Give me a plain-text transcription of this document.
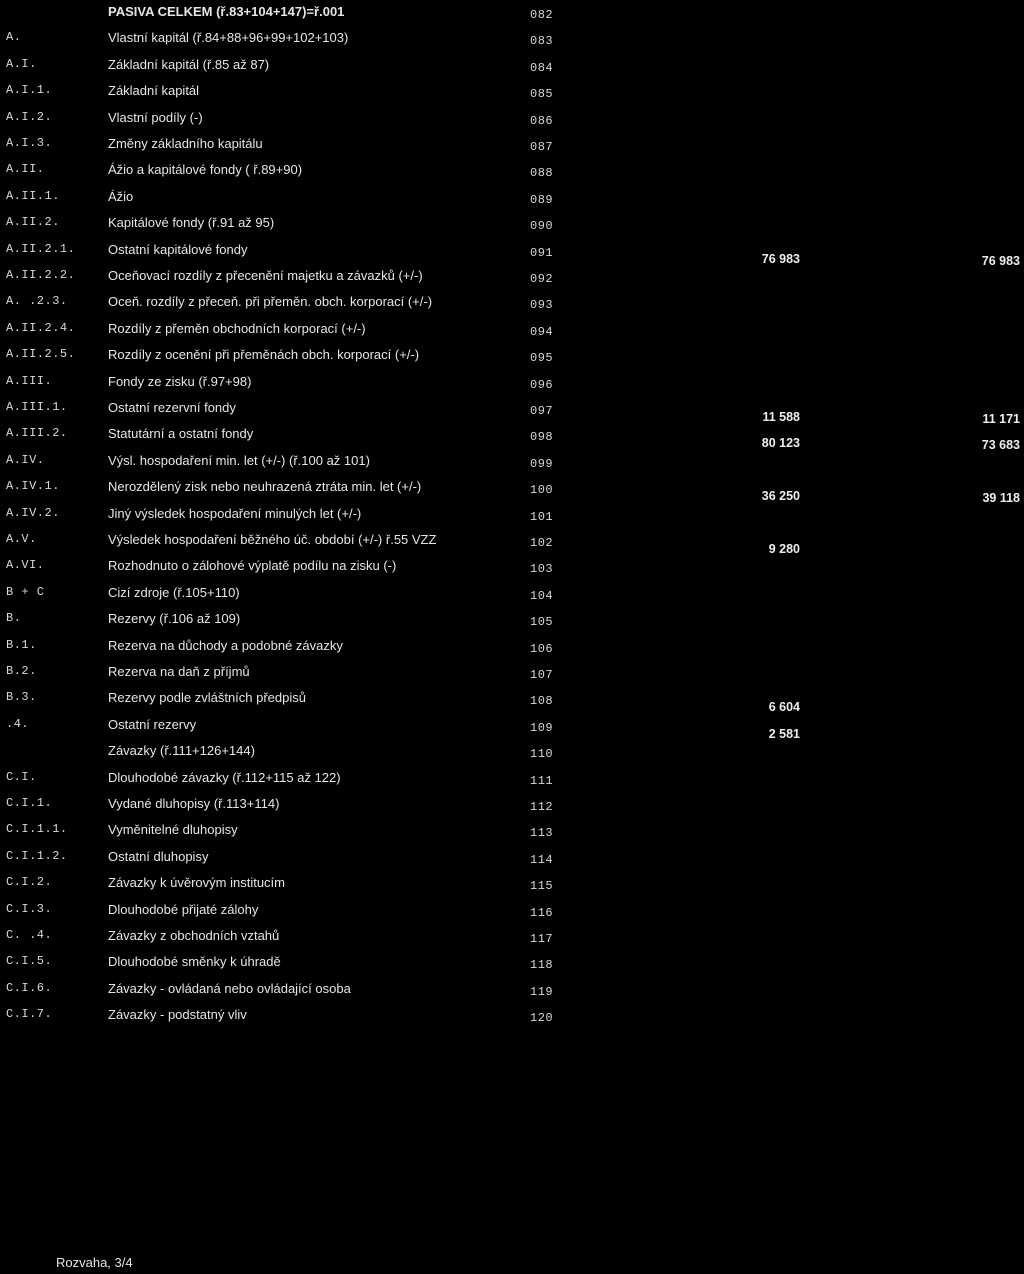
PASIVA CELKEM (ř.83+104+147)=ř.001	082
A.	Vlastní kapitál (ř.84+88+96+99+102+103)	083
A.I.	Základní kapitál (ř.85 až 87)	084
A.I.1.	Základní kapitál	085
A.I.2.	Vlastní podíly (-)	086
A.I.3.	Změny základního kapitálu	087
A.II.	Ážio a kapitálové fondy ( ř.89+90)	088
A.II.1.	Ážio	089
A.II.2.	Kapitálové fondy (ř.91 až 95)	090
A.II.2.1.	Ostatní kapitálové fondy	091	76 983	76 983
A.II.2.2.	Oceňovací rozdíly z přecenění majetku a závazků (+/-)	092
A. .2.3.	Oceň. rozdíly z přeceň. při přeměn. obch. korporací (+/-)	093
A.II.2.4.	Rozdíly z přeměn obchodních korporací (+/-)	094
A.II.2.5.	Rozdíly z ocenění při přeměnách obch. korporací (+/-)	095
A.III.	Fondy ze zisku (ř.97+98)	096
A.III.1.	Ostatní rezervní fondy	097	11 588	11 171
A.III.2.	Statutární a ostatní fondy	098	80 123	73 683
A.IV.	Výsl. hospodaření min. let (+/-) (ř.100 až 101)	099
A.IV.1.	Nerozdělený zisk nebo neuhrazená ztráta min. let (+/-)	100	36 250	39 118
A.IV.2.	Jiný výsledek hospodaření minulých let (+/-)	101
A.V.	Výsledek hospodaření běžného úč. období (+/-) ř.55 VZZ	102	9 280
A.VI.	Rozhodnuto o zálohové výplatě podílu na zisku (-)	103
B + C	Cizí zdroje (ř.105+110)	104
B.	Rezervy (ř.106 až 109)	105
B.1.	Rezerva na důchody a podobné závazky	106
B.2.	Rezerva na daň z příjmů	107
B.3.	Rezervy podle zvláštních předpisů	108	6 604
.4.	Ostatní rezervy	109	2 581
Závazky (ř.111+126+144)	110
C.I.	Dlouhodobé závazky (ř.112+115 až 122)	111
C.I.1.	Vydané dluhopisy (ř.113+114)	112
C.I.1.1.	Vyměnitelné dluhopisy	113
C.I.1.2.	Ostatní dluhopisy	114
C.I.2.	Závazky k úvěrovým institucím	115
C.I.3.	Dlouhodobé přijaté zálohy	116
C. .4.	Závazky z obchodních vztahů	117
C.I.5.	Dlouhodobé směnky k úhradě	118
C.I.6.	Závazky - ovládaná nebo ovládající osoba	119
C.I.7.	Závazky - podstatný vliv	120
Rozvaha, 3/4
